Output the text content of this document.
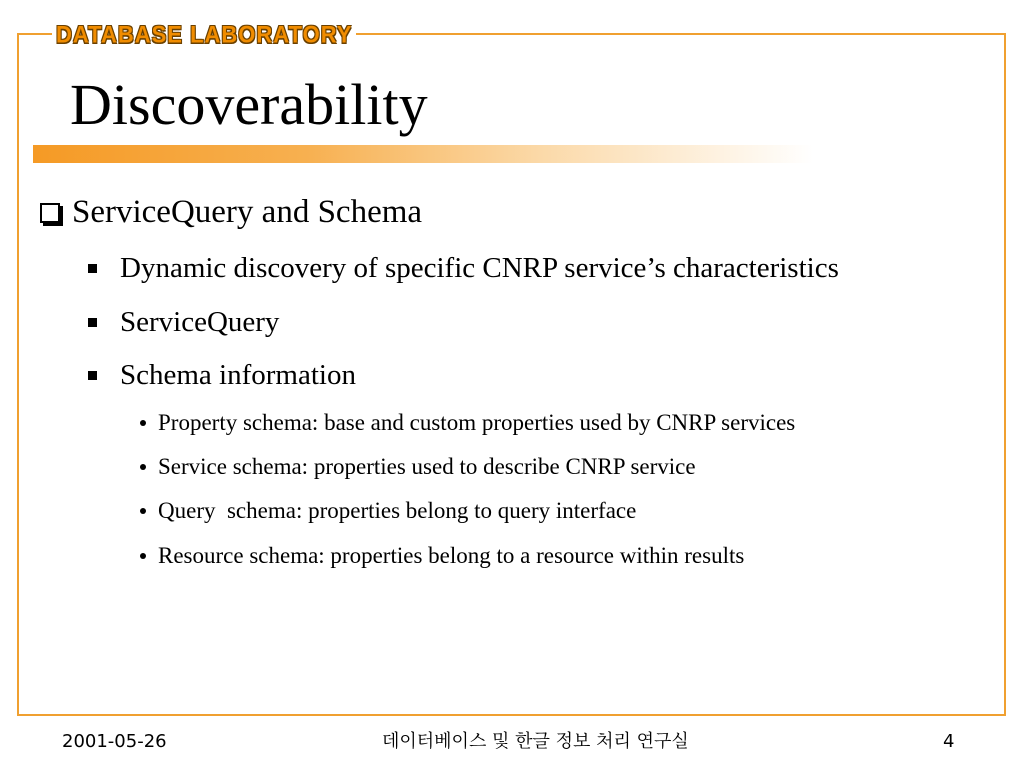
DATABASE LABORATORY
Discoverability
ServiceQuery and Schema
Dynamic discovery of specific CNRP service’s characteristics
ServiceQuery
Schema information
Property schema: base and custom properties used by CNRP services
Service schema: properties used to describe CNRP service
Query  schema: properties belong to query interface
Resource schema: properties belong to a resource within results
2001-05-26	데이터베이스 및 한글 정보 처리 연구실	4
